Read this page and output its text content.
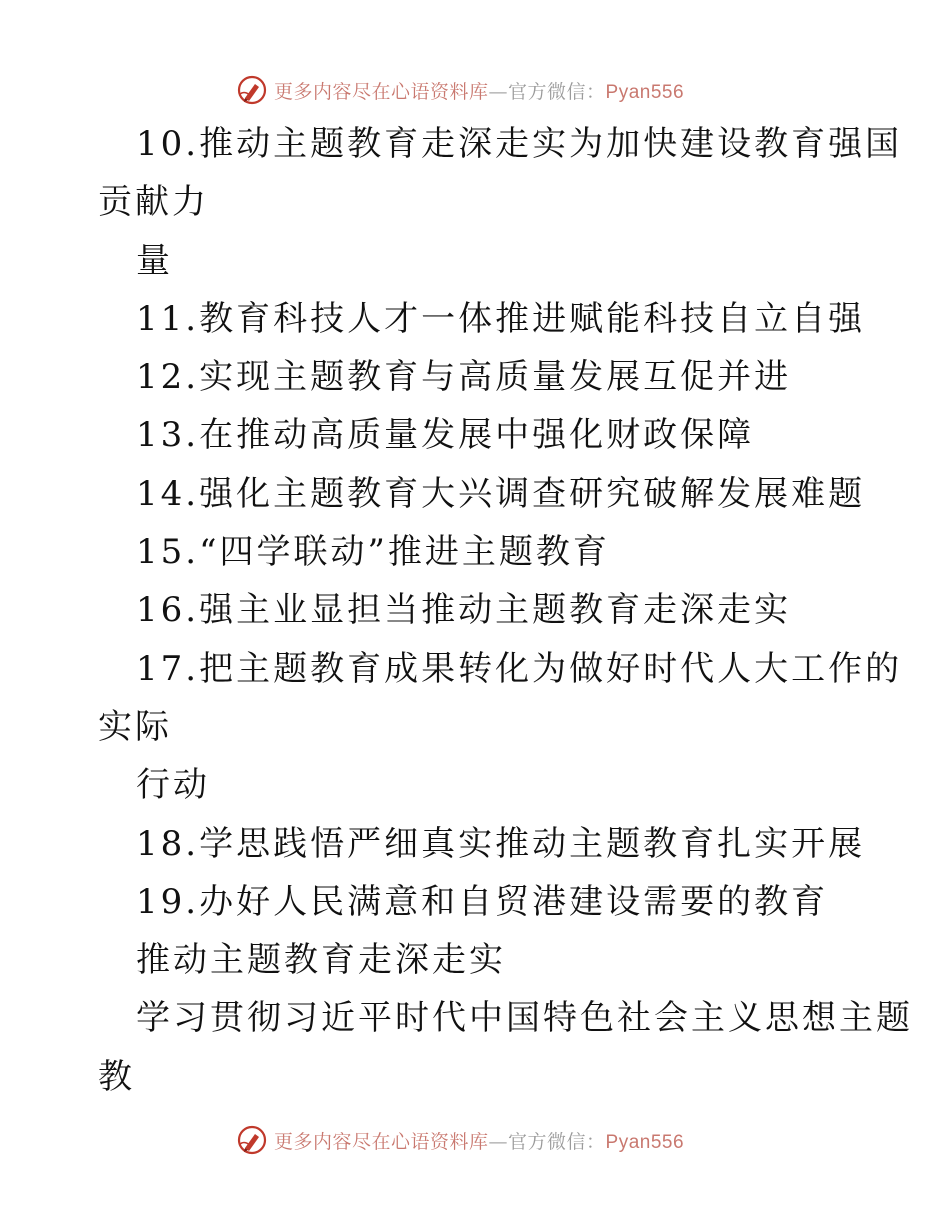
更多内容尽在心语资料库—官方微信：Pyan556
10.推动主题教育走深走实为加快建设教育强国
贡献力
量
11.教育科技人才一体推进赋能科技自立自强
12.实现主题教育与高质量发展互促并进
13.在推动高质量发展中强化财政保障
14.强化主题教育大兴调查研究破解发展难题
15.“四学联动”推进主题教育
16.强主业显担当推动主题教育走深走实
17.把主题教育成果转化为做好时代人大工作的
实际
行动
18.学思践悟严细真实推动主题教育扎实开展
19.办好人民满意和自贸港建设需要的教育
推动主题教育走深走实
学习贯彻习近平时代中国特色社会主义思想主题
教
更多内容尽在心语资料库—官方微信：Pyan556
